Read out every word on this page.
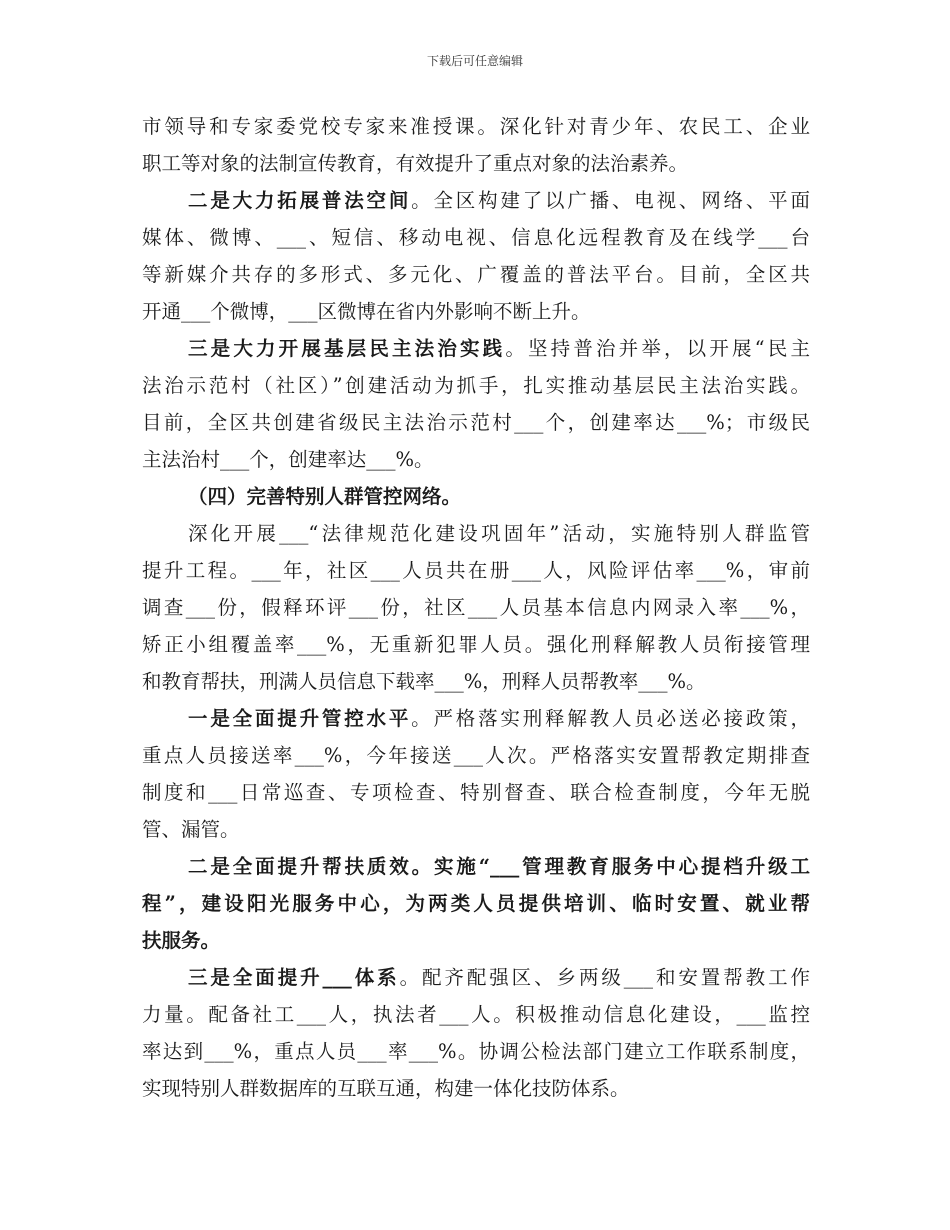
下载后可任意编辑
市领导和专家委党校专家来准授课。深化针对青少年、农民工、企业
职工等对象的法制宣传教育，有效提升了重点对象的法治素养。
二是大力拓展普法空间。全区构建了以广播、电视、网络、平面
媒体、微博、___、短信、移动电视、信息化远程教育及在线学___台
等新媒介共存的多形式、多元化、广覆盖的普法平台。目前，全区共
开通___个微博，___区微博在省内外影响不断上升。
三是大力开展基层民主法治实践。坚持普治并举，以开展“民主
法治示范村（社区）”创建活动为抓手，扎实推动基层民主法治实践。
目前，全区共创建省级民主法治示范村___个，创建率达___%；市级民
主法治村___个，创建率达___%。
（四）完善特别人群管控网络。
深化开展___“法律规范化建设巩固年”活动，实施特别人群监管
提升工程。___年，社区___人员共在册___人，风险评估率___%，审前
调查___份，假释环评___份，社区___人员基本信息内网录入率___%，
矫正小组覆盖率___%，无重新犯罪人员。强化刑释解教人员衔接管理
和教育帮扶，刑满人员信息下载率___%，刑释人员帮教率___%。
一是全面提升管控水平。严格落实刑释解教人员必送必接政策，
重点人员接送率___%，今年接送___人次。严格落实安置帮教定期排查
制度和___日常巡查、专项检查、特别督查、联合检查制度，今年无脱
管、漏管。
二是全面提升帮扶质效。实施“___管理教育服务中心提档升级工
程”，建设阳光服务中心，为两类人员提供培训、临时安置、就业帮
扶服务。
三是全面提升___体系。配齐配强区、乡两级___和安置帮教工作
力量。配备社工___人，执法者___人。积极推动信息化建设，___监控
率达到___%，重点人员___率___%。协调公检法部门建立工作联系制度，
实现特别人群数据库的互联互通，构建一体化技防体系。
